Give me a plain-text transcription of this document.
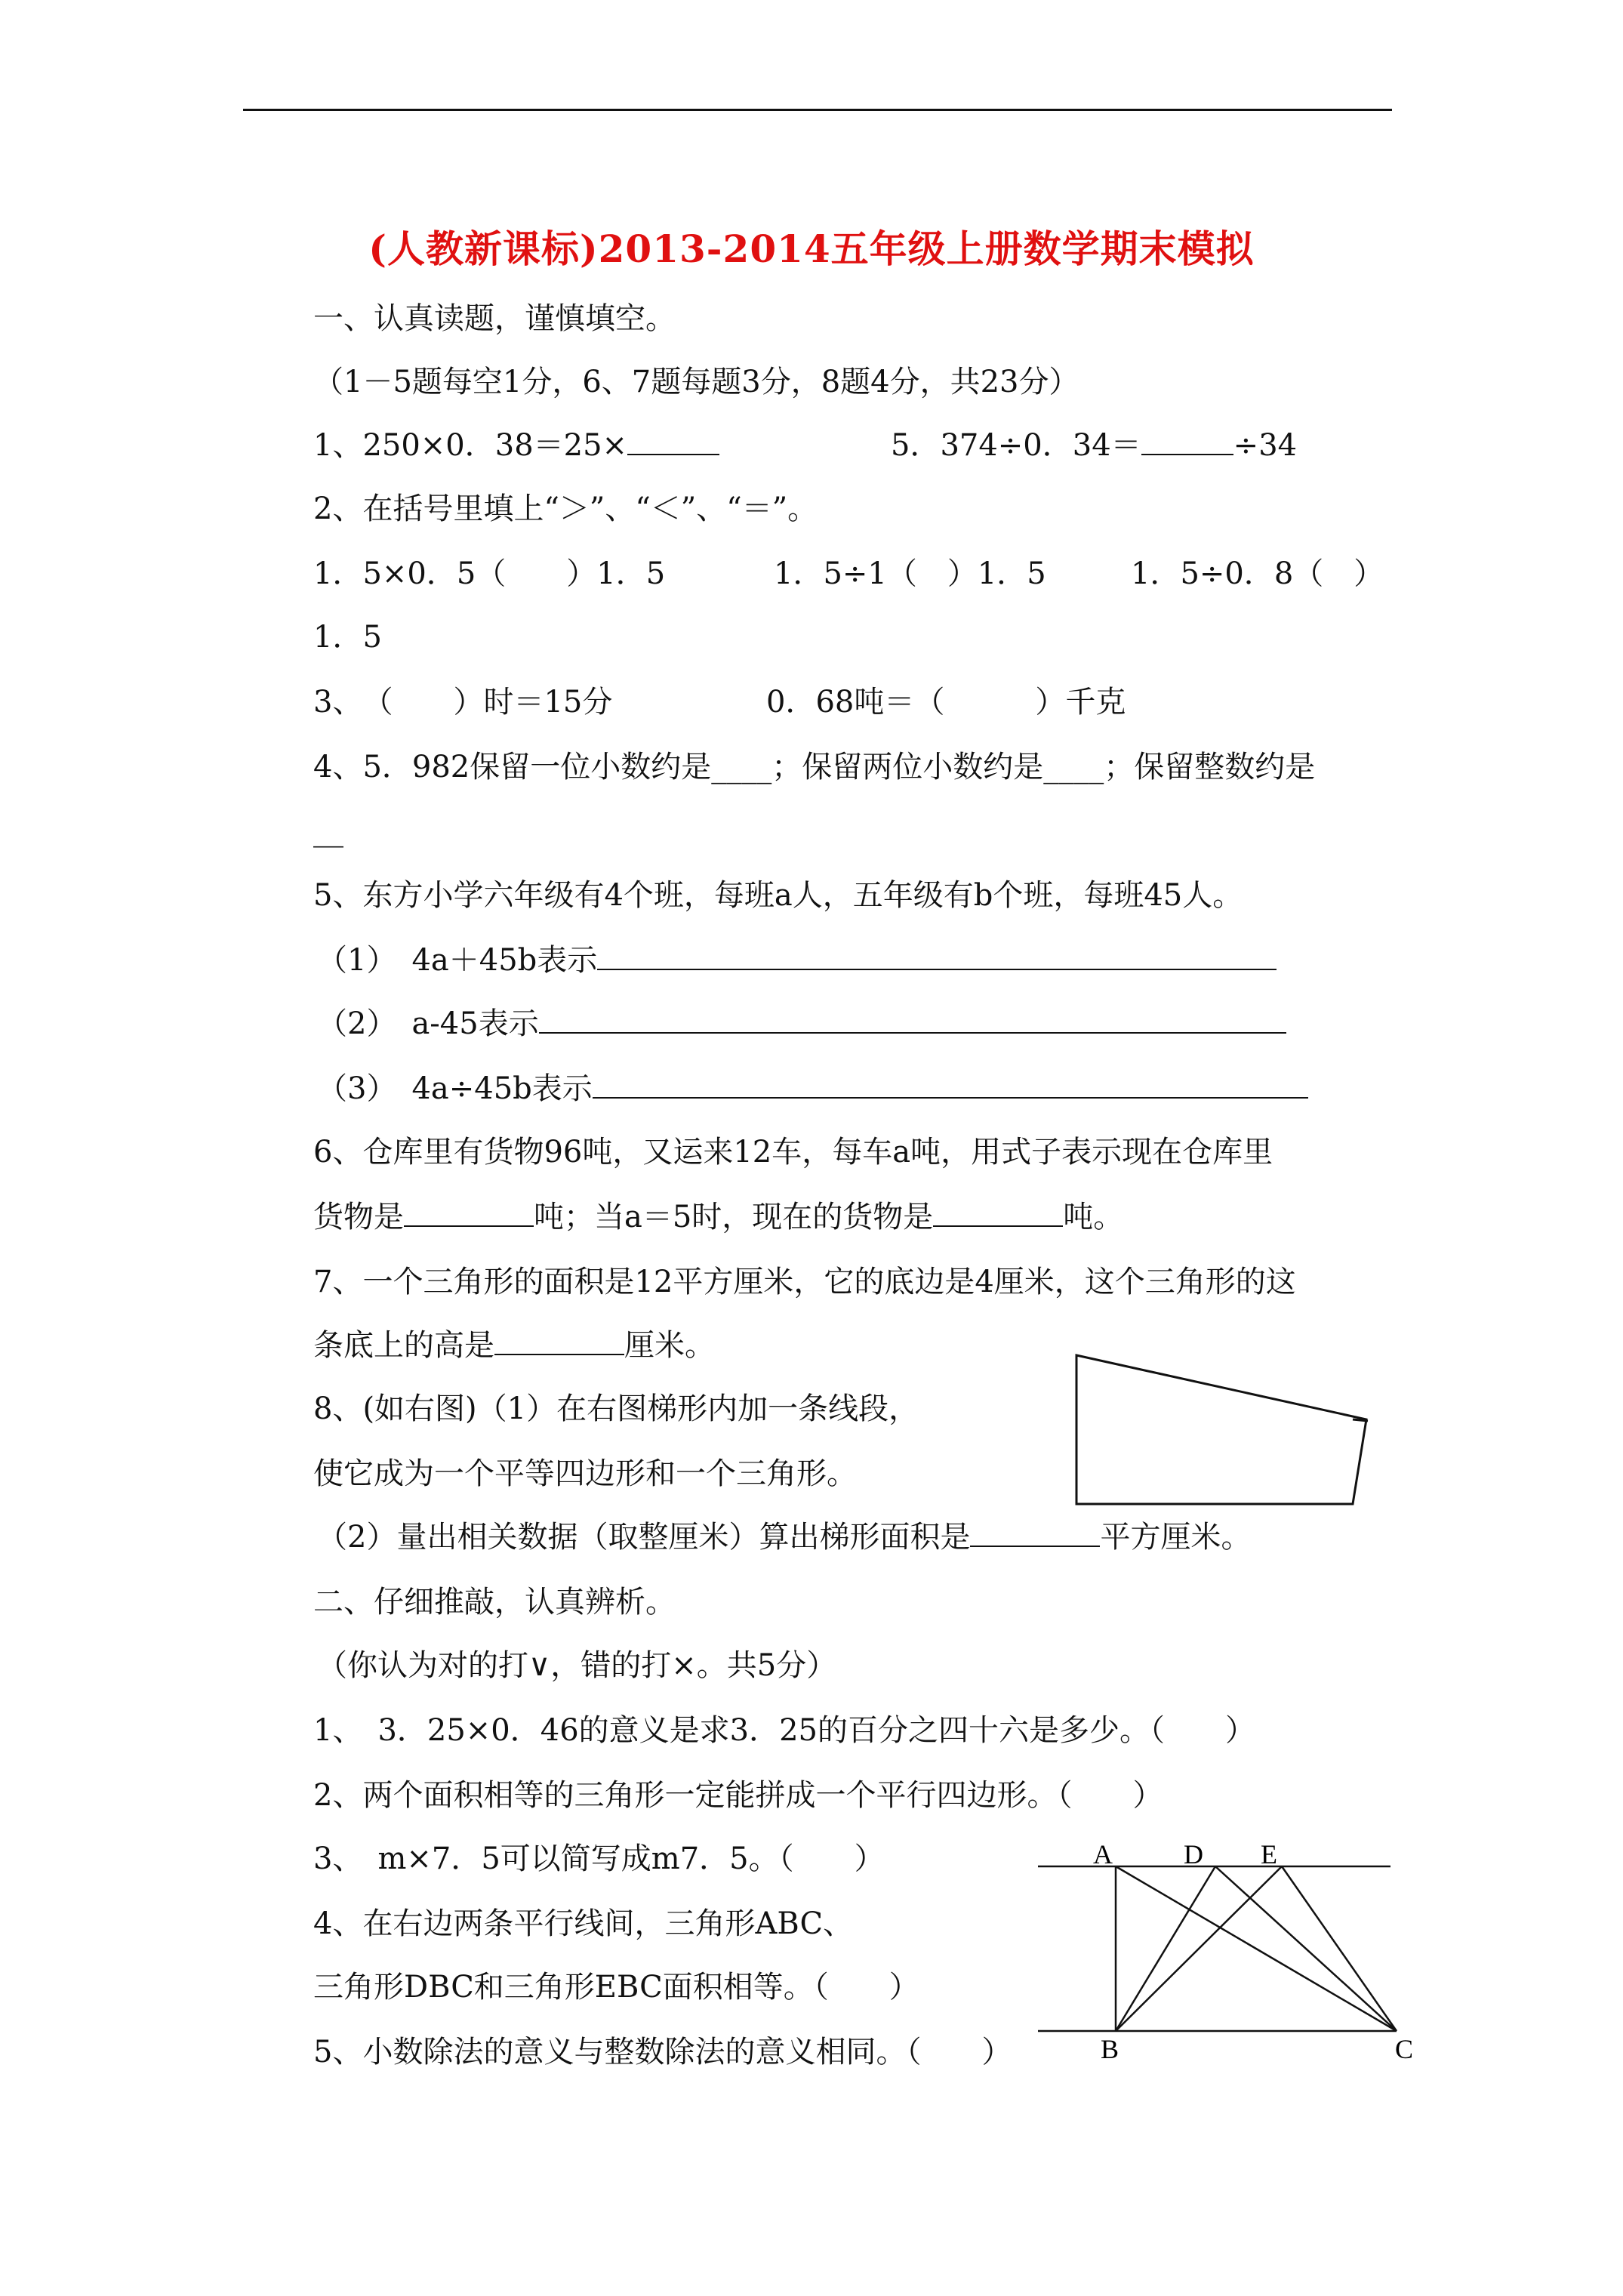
(人教新课标)2013-2014五年级上册数学期末模拟
一、认真读题，谨慎填空。
（1－5题每空1分，6、7题每题3分，8题4分，共23分）
1、250×0．38＝25×	5．374÷0．34＝	÷34
2、在括号里填上“＞”、“＜”、“＝”。
1．5×0．5（　　）1．5	1．5÷1（　）1．5	1．5÷0．8（　）
1．5
3、　（　　）时＝15分	0．68吨＝（　　　）千克
4、5．982保留一位小数约是____；保留两位小数约是____；保留整数约是
__
5、东方小学六年级有4个班，每班a人，五年级有b个班，每班45人。
（1）　4a＋45b表示
（2）　a-45表示
（3）　4a÷45b表示
6、仓库里有货物96吨，又运来12车，每车a吨，用式子表示现在仓库里
货物是	吨；当a＝5时，现在的货物是	吨。
7、一个三角形的面积是12平方厘米，它的底边是4厘米，这个三角形的这
条底上的高是	厘米。
8、(如右图)（1）在右图梯形内加一条线段，
使它成为一个平等四边形和一个三角形。
（2）量出相关数据（取整厘米）算出梯形面积是	平方厘米。
二、仔细推敲，认真辨析。
（你认为对的打∨，错的打×。共5分）
1、　3．25×0．46的意义是求3．25的百分之四十六是多少。（　　）
2、两个面积相等的三角形一定能拼成一个平行四边形。（　　）
3、　m×7．5可以简写成m7．5。（　　）
4、在右边两条平行线间，三角形ABC、
三角形DBC和三角形EBC面积相等。（　　）
5、小数除法的意义与整数除法的意义相同。（　　）
A	D E
B	C
